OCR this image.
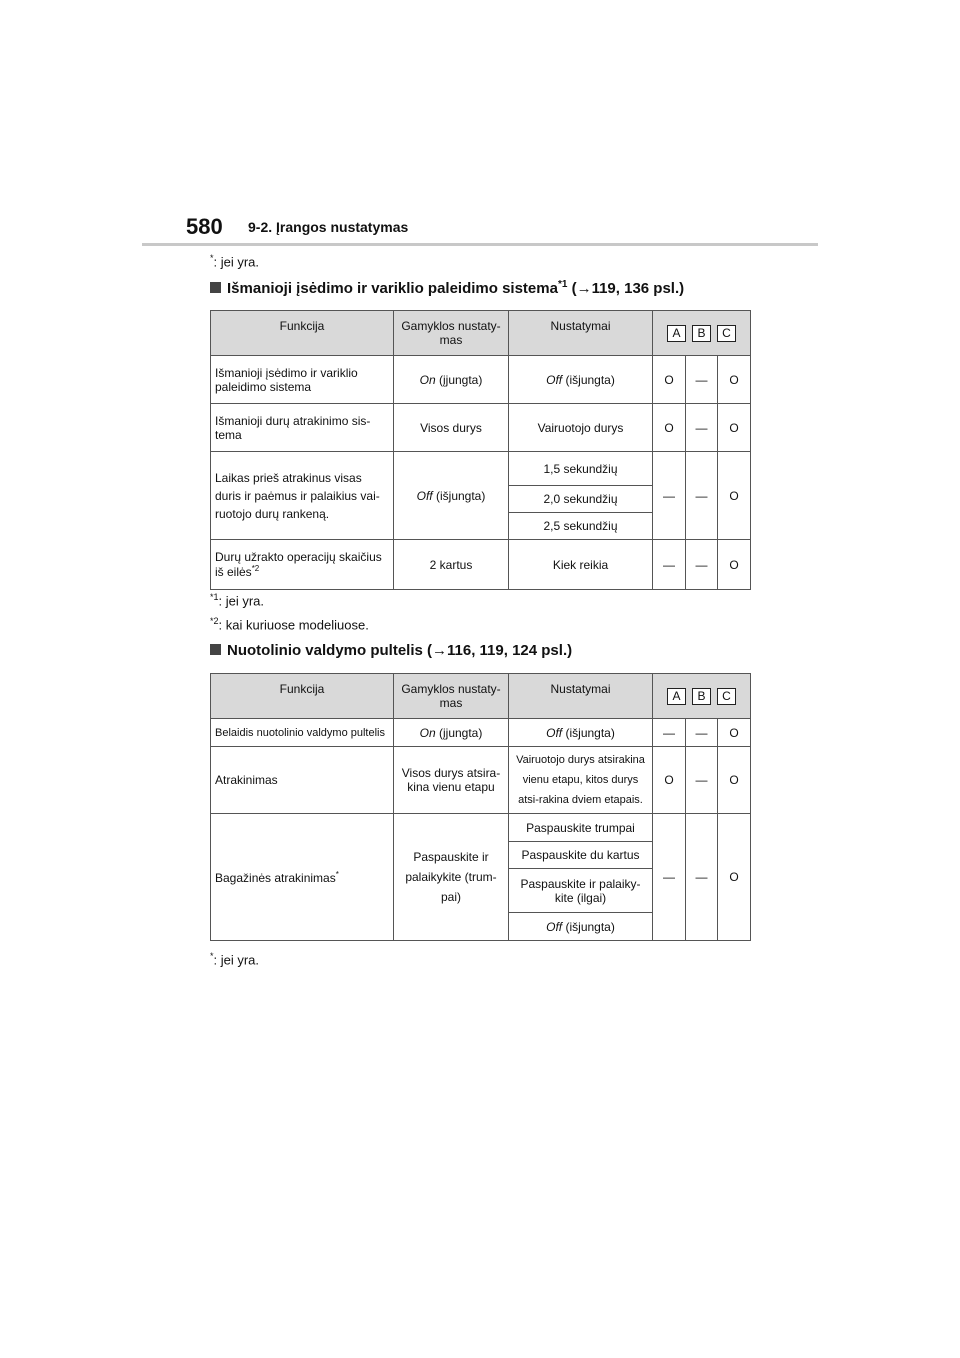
580 9-2. Įrangos nustatymas
*: jei yra.
Išmanioji įsėdimo ir variklio paleidimo sistema$^{*1}$ (→119, 136 psl.)
Funkcija	Gamyklos nustaty-mas	Nustatymai	A B C		

Išmanioji įsėdimo ir variklio paleidimo sistema	On (įjungta)	Off (išjungta)	O	—	O
Išmanioji durų atrakinimo sis-tema	Visos durys	Vairuotojo durys	O	—	O
Laikas prieš atrakinus visas duris ir paėmus ir palaikius vai-ruotojo durų rankeną.	Off (išjungta)	1,5 sekundžių	—	—	O
		2,0 sekundžių			
		2,5 sekundžių			
Durų užrakto operacijų skaičius iš eilės$^{*2}$	2 kartus	Kiek reikia	—	—	O
$^{*1}$: jei yra.
$^{*2}$: kai kuriuose modeliuose.
Nuotolinio valdymo pultelis (→116, 119, 124 psl.)
Funkcija	Gamyklos nustaty-mas	Nustatymai	A B C		

Belaidis nuotolinio valdymo pultelis	On (įjungta)	Off (išjungta)	—	—	O
Atrakinimas	Visos durys atsira-kina vienu etapu	Vairuotojo durys atsirakina vienu etapu, kitos durys atsi-rakina dviem etapais.	O	—	O
Bagažinės atrakinimas*	Paspauskite ir palaikykite (trum-pai)	Paspauskite trumpai	—	—	O
		Paspauskite du kartus			
		Paspauskite ir palaiky-kite (ilgai)			
		Off (išjungta)			
*: jei yra.
